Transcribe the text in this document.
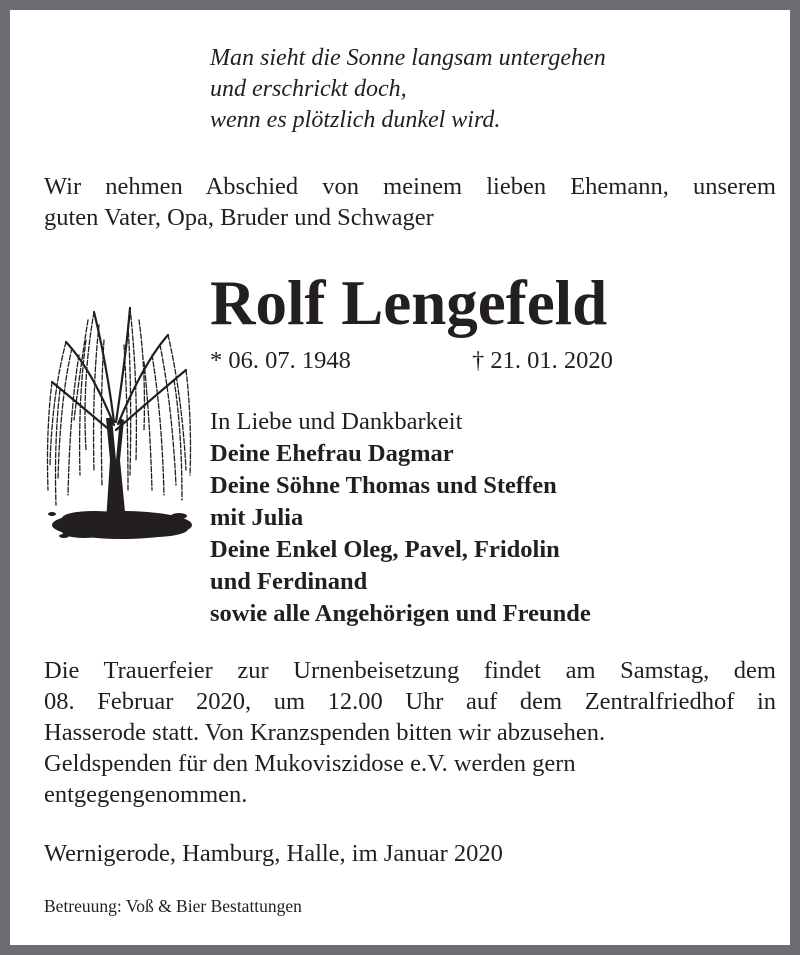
Man sieht die Sonne langsam untergehen
und erschrickt doch,
wenn es plötzlich dunkel wird.
Wir nehmen Abschied von meinem lieben Ehemann, unserem
guten Vater, Opa, Bruder und Schwager
Rolf Lengefeld
* 06. 07. 1948	† 21. 01. 2020
In Liebe und Dankbarkeit
Deine Ehefrau Dagmar
Deine Söhne Thomas und Steffen
mit Julia
Deine Enkel Oleg, Pavel, Fridolin
und Ferdinand
sowie alle Angehörigen und Freunde
Die Trauerfeier zur Urnenbeisetzung findet am Samstag, dem
08. Februar 2020, um 12.00 Uhr auf dem Zentralfriedhof in
Hasserode statt. Von Kranzspenden bitten wir abzusehen.
Geldspenden für den Mukoviszidose e.V. werden gern
entgegengenommen.
Wernigerode, Hamburg, Halle, im Januar 2020
Betreuung: Voß & Bier Bestattungen
